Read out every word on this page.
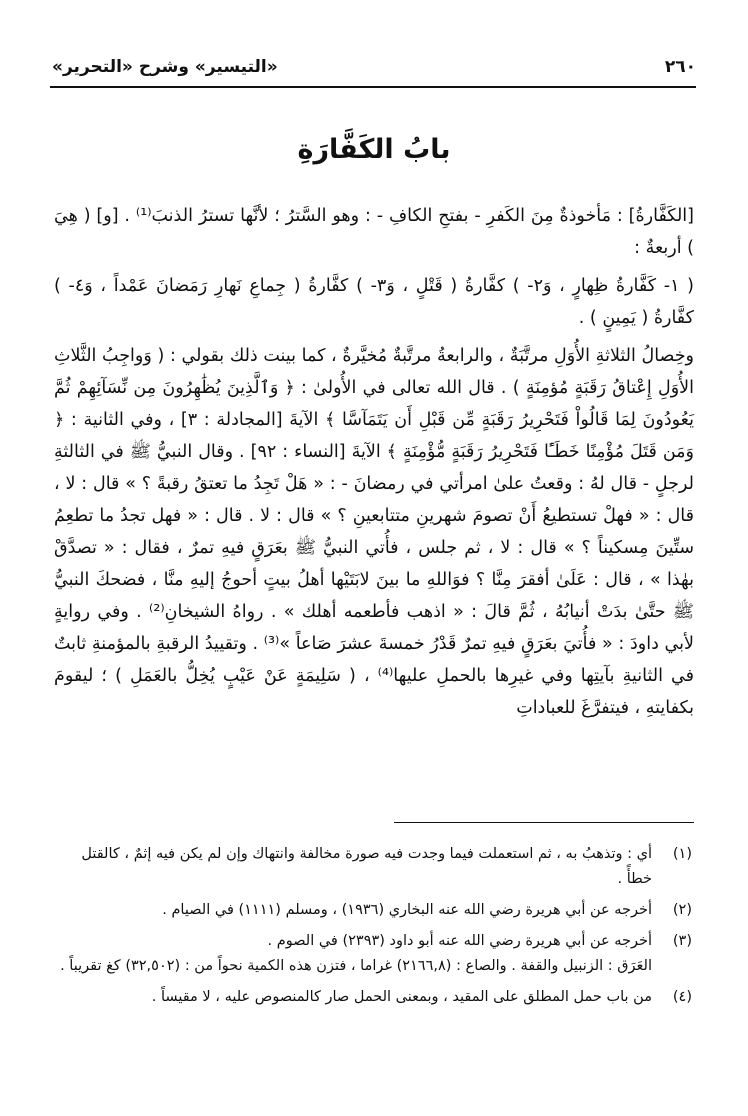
٢٦٠
«التيسير» وشرح «التحرير»
بابُ الكَفَّارَةِ

[الكَفَّارةُ] : مَأخوذةٌ مِنَ الكَفرِ - بفتحِ الكافِ - : وهو السَّترُ ؛ لأنَّها تسترُ الذنبَ⁽¹⁾ . [و] ( هِيَ ) أربعةٌ :

( ١- كَفَّارةُ ظِهارٍ ، وَ٢- ) كفَّارةُ ( قَتْلٍ ، وَ٣- ) كفَّارةُ ( جِماعِ نَهارِ رَمَضانَ عَمْداً ، وَ٤- ) كفَّارةُ ( يَمِينٍ ) .

وخِصالُ الثلاثةِ الأُوَلِ مرتَّبَةٌ ، والرابعةُ مرتَّبةٌ مُخيَّرةٌ ، كما بينت ذلك بقولي : ( وَواجِبُ الثَّلاثِ الأُوَلِ إِعْتاقُ رَقَبَةٍ مُؤمِنَةٍ ) . قال الله تعالى في الأُولىٰ : ﴿ وَٱلَّذِينَ يُظَٰهِرُونَ مِن نِّسَآئِهِمْ ثُمَّ يَعُودُونَ لِمَا قَالُواْ فَتَحْرِيرُ رَقَبَةٍ مِّن قَبْلِ أَن يَتَمَآسَّا ﴾ الآيةَ [المجادلة : ٣] ، وفي الثانية : ﴿ وَمَن قَتَلَ مُؤْمِنًا خَطَـًٔا فَتَحْرِيرُ رَقَبَةٍ مُّؤْمِنَةٍ ﴾ الآيةَ [النساء : ٩٢] . وقال النبيُّ ﷺ في الثالثةِ لرجلٍ - قال لهُ : وقعتُ علىٰ امرأتي في رمضانَ - : « هَلْ تَجِدُ ما تعتقُ رقبةً ؟ » قال : لا ، قال : « فهلْ تستطيعُ أَنْ تصومَ شهرينِ متتابعينِ ؟ » قال : لا . قال : « فهل تجدُ ما تطعِمُ ستِّينَ مِسكيناً ؟ » قال : لا ، ثم جلس ، فأُتي النبيُّ ﷺ بعَرَقٍ فيهِ تمرٌ ، فقال : « تصدَّقْ بهٰذا » ، قال : عَلَىٰ أفقرَ مِنَّا ؟ فوَاللهِ ما بينَ لابَتَيْها أهلُ بيتٍ أحوجُ إليهِ منَّا ، فضحكَ النبيُّ ﷺ حتَّىٰ بدَتْ أنيابُهُ ، ثُمَّ قالَ : « اذهب فأطعمه أهلك » . رواهُ الشيخانِ⁽²⁾ . وفي روايةٍ لأبي داودَ : « فأُتيَ بعَرَقٍ فيهِ تمرٌ قَدْرُ خمسةَ عشرَ صَاعاً »⁽³⁾ . وتقييدُ الرقبةِ بالمؤمنةِ ثابتٌ في الثانيةِ بآيتِها وفي غيرِها بالحملِ عليها⁽⁴⁾ ، ( سَلِيمَةٍ عَنْ عَيْبٍ يُخِلُّ بالعَمَلِ ) ؛ ليقومَ بكفايتهِ ، فيتفرَّغَ للعباداتِ

(١)

أي : وتذهبُ به ، ثم استعملت فيما وجدت فيه صورة مخالفة وانتهاك وإن لم يكن فيه إثمٌ ، كالقتل خطأً .

(٢)

أخرجه عن أبي هريرة رضي الله عنه البخاري (١٩٣٦) ، ومسلم (١١١١) في الصيام .

(٣)

أخرجه عن أبي هريرة رضي الله عنه أبو داود (٢٣٩٣) في الصوم .

العَرَق : الزنبيل والقفة . والصاع : (٢١٦٦,٨) غراما ، فتزن هذه الكمية نحواً من : (٣٢,٥٠٢) كغ تقريباً .

(٤)

من باب حمل المطلق على المقيد ، وبمعنى الحمل صار كالمنصوص عليه ، لا مقيساً .
